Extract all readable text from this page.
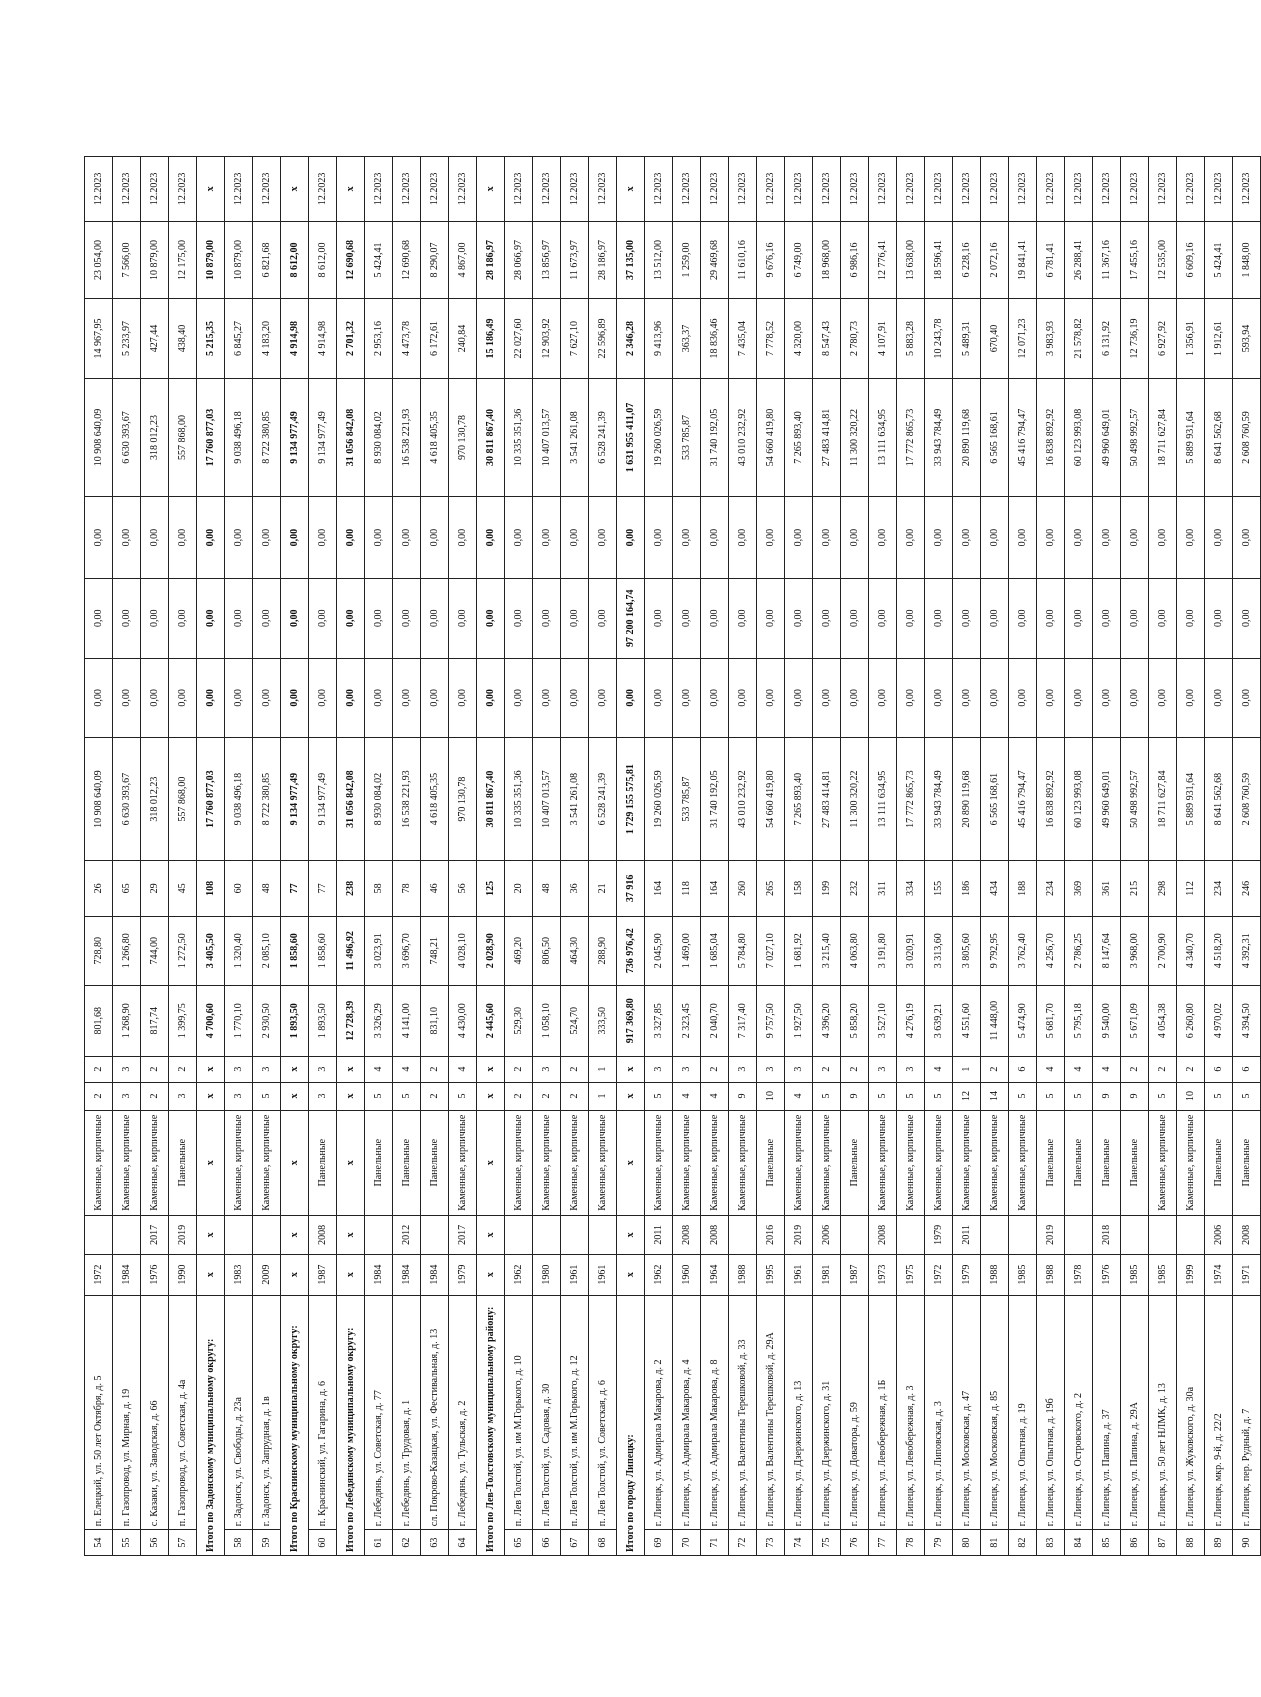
54	п. Елецкий, ул. 50 лет Октября, д. 5	1972		Каменные, кирпичные	2	2	801,68	728,80	26	10 908 640,09	0,00	0,00	0,00	10 908 640,09	14 967,95	23 054,00	12.2023
55	п. Газопровод, ул. Мирная, д. 19	1984		Каменные, кирпичные	3	3	1 268,90	1 266,80	65	6 630 393,67	0,00	0,00	0,00	6 630 393,67	5 233,97	7 566,00	12.2023
56	с. Казаки, ул. Заводская, д. 66	1976	2017	Каменные, кирпичные	2	2	817,74	744,00	29	318 012,23	0,00	0,00	0,00	318 012,23	427,44	10 879,00	12.2023
57	п. Газопровод, ул. Советская, д. 4а	1990	2019	Панельные	3	2	1 399,75	1 272,50	45	557 868,00	0,00	0,00	0,00	557 868,00	438,40	12 175,00	12.2023
Итого по Задонскому муниципальному округу:		х	х	х	х	х	4 700,60	3 405,50	108	17 760 877,03	0,00	0,00	0,00	17 760 877,03	5 215,35	10 879,00	х
58	г. Задонск, ул. Свободы, д. 23а	1983		Каменные, кирпичные	3	3	1 770,10	1 320,40	60	9 038 496,18	0,00	0,00	0,00	9 038 496,18	6 845,27	10 879,00	12.2023
59	г. Задонск, ул. Запрудная, д. 1в	2009		Каменные, кирпичные	5	3	2 930,50	2 085,10	48	8 722 380,85	0,00	0,00	0,00	8 722 380,85	4 183,20	6 821,68	12.2023
Итого по Краснинскому муниципальному округу:		х	х	х	х	х	1 893,50	1 858,60	77	9 134 977,49	0,00	0,00	0,00	9 134 977,49	4 914,98	8 612,00	х
60	п. Краснинский, ул. Гагарина, д. 6	1987	2008	Панельные	3	3	1 893,50	1 858,60	77	9 134 977,49	0,00	0,00	0,00	9 134 977,49	4 914,98	8 612,00	12.2023
Итого по Лебедянскому муниципальному округу:		х	х	х	х	х	12 728,39	11 496,92	238	31 056 842,08	0,00	0,00	0,00	31 056 842,08	2 701,32	12 690,68	х
61	г. Лебедянь, ул. Советская, д. 77	1984		Панельные	5	4	3 326,29	3 023,91	58	8 930 084,02	0,00	0,00	0,00	8 930 084,02	2 953,16	5 424,41	12.2023
62	г. Лебедянь, ул. Трудовая, д. 1	1984	2012	Панельные	5	4	4 141,00	3 696,70	78	16 538 221,93	0,00	0,00	0,00	16 538 221,93	4 473,78	12 690,68	12.2023
63	сл. Покрово-Казацкая, ул. Фестивальная, д. 13	1984		Панельные	2	2	831,10	748,21	46	4 618 405,35	0,00	0,00	0,00	4 618 405,35	6 172,61	8 290,07	12.2023
64	г. Лебедянь, ул. Тульская, д. 2	1979	2017	Каменные, кирпичные	5	4	4 430,00	4 028,10	56	970 130,78	0,00	0,00	0,00	970 130,78	240,84	4 867,00	12.2023
Итого по Лев-Толстовскому муниципальному району:		х	х	х	х	х	2 445,60	2 028,90	125	30 811 867,40	0,00	0,00	0,00	30 811 867,40	15 186,49	28 186,97	х
65	п. Лев Толстой, ул. им М.Горького, д. 10	1962		Каменные, кирпичные	2	2	529,30	469,20	20	10 335 351,36	0,00	0,00	0,00	10 335 351,36	22 027,60	28 066,97	12.2023
66	п. Лев Толстой, ул. Садовая, д. 30	1980		Каменные, кирпичные	2	3	1 058,10	806,50	48	10 407 013,57	0,00	0,00	0,00	10 407 013,57	12 903,92	13 856,97	12.2023
67	п. Лев Толстой, ул. им М.Горького, д. 12	1961		Каменные, кирпичные	2	2	524,70	464,30	36	3 541 261,08	0,00	0,00	0,00	3 541 261,08	7 627,10	11 673,97	12.2023
68	п. Лев Толстой, ул. Советская, д. 6	1961		Каменные, кирпичные	1	1	333,50	288,90	21	6 528 241,39	0,00	0,00	0,00	6 528 241,39	22 596,89	28 186,97	12.2023
Итого по городу Липецку:		х	х	х	х	х	917 369,80	736 976,42	37 916	1 729 155 575,81	0,00	97 200 164,74	0,00	1 631 955 411,07	2 346,28	37 135,00	х
69	г. Липецк, ул. Адмирала Макарова, д. 2	1962	2011	Каменные, кирпичные	5	3	3 327,85	2 045,90	164	19 260 026,59	0,00	0,00	0,00	19 260 026,59	9 413,96	13 512,00	12.2023
70	г. Липецк, ул. Адмирала Макарова, д. 4	1960	2008	Каменные, кирпичные	4	3	2 323,45	1 469,00	118	533 785,87	0,00	0,00	0,00	533 785,87	363,37	1 259,00	12.2023
71	г. Липецк, ул. Адмирала Макарова, д. 8	1964	2008	Каменные, кирпичные	4	2	2 040,70	1 685,04	164	31 740 192,05	0,00	0,00	0,00	31 740 192,05	18 836,46	29 469,68	12.2023
72	г. Липецк, ул. Валентины Терешковой, д. 33	1988		Каменные, кирпичные	9	3	7 317,40	5 784,80	260	43 010 232,92	0,00	0,00	0,00	43 010 232,92	7 435,04	11 610,16	12.2023
73	г. Липецк, ул. Валентины Терешковой, д. 29А	1995	2016	Панельные	10	3	9 757,50	7 027,10	265	54 660 419,80	0,00	0,00	0,00	54 660 419,80	7 778,52	9 676,16	12.2023
74	г. Липецк, ул. Дзержинского, д. 13	1961	2019	Каменные, кирпичные	4	3	1 927,50	1 681,92	158	7 265 893,40	0,00	0,00	0,00	7 265 893,40	4 320,00	6 749,00	12.2023
75	г. Липецк, ул. Дзержинского, д. 31	1981	2006	Каменные, кирпичные	5	2	4 396,20	3 215,40	199	27 483 414,81	0,00	0,00	0,00	27 483 414,81	8 547,43	18 968,00	12.2023
76	г. Липецк, ул. Доватора, д. 59	1987		Панельные	9	2	5 858,20	4 063,80	232	11 300 320,22	0,00	0,00	0,00	11 300 320,22	2 780,73	6 986,16	12.2023
77	г. Липецк, ул. Левобережная, д. 1Б	1973	2008	Каменные, кирпичные	5	3	3 527,10	3 191,80	311	13 111 634,95	0,00	0,00	0,00	13 111 634,95	4 107,91	12 776,41	12.2023
78	г. Липецк, ул. Левобережная, д. 3	1975		Каменные, кирпичные	5	3	4 276,19	3 020,91	334	17 772 865,73	0,00	0,00	0,00	17 772 865,73	5 883,28	13 638,00	12.2023
79	г. Липецк, ул. Липовская, д. 3	1972	1979	Каменные, кирпичные	5	4	3 639,21	3 313,60	155	33 943 784,49	0,00	0,00	0,00	33 943 784,49	10 243,78	18 596,41	12.2023
80	г. Липецк, ул. Московская, д. 47	1979	2011	Каменные, кирпичные	12	1	4 551,60	3 805,60	186	20 890 119,68	0,00	0,00	0,00	20 890 119,68	5 489,31	6 228,16	12.2023
81	г. Липецк, ул. Московская, д. 85	1988		Каменные, кирпичные	14	2	11 448,00	9 792,95	434	6 565 168,61	0,00	0,00	0,00	6 565 168,61	670,40	2 072,16	12.2023
82	г. Липецк, ул. Опытная, д. 19	1985		Каменные, кирпичные	5	6	5 474,90	3 762,40	188	45 416 794,47	0,00	0,00	0,00	45 416 794,47	12 071,23	19 841,41	12.2023
83	г. Липецк, ул. Опытная, д. 19б	1988	2019	Панельные	5	4	5 681,70	4 256,70	234	16 838 892,92	0,00	0,00	0,00	16 838 892,92	3 983,93	6 781,41	12.2023
84	г. Липецк, ул. Островского, д. 2	1978		Панельные	5	4	5 795,18	2 786,25	369	60 123 993,08	0,00	0,00	0,00	60 123 993,08	21 578,82	26 288,41	12.2023
85	г. Липецк, ул. Папина, д. 37	1976	2018	Панельные	9	4	9 540,00	8 147,64	361	49 960 649,01	0,00	0,00	0,00	49 960 649,01	6 131,92	11 367,16	12.2023
86	г. Липецк, ул. Папина, д. 29А	1985		Панельные	9	2	5 671,09	3 968,00	215	50 498 992,57	0,00	0,00	0,00	50 498 992,57	12 736,19	17 455,16	12.2023
87	г. Липецк, ул. 50 лет НЛМК, д. 13	1985		Каменные, кирпичные	5	2	4 054,38	2 700,90	298	18 711 627,84	0,00	0,00	0,00	18 711 627,84	6 927,92	12 535,00	12.2023
88	г. Липецк, ул. Жуковского, д. 30а	1999		Каменные, кирпичные	10	2	6 260,80	4 340,70	112	5 889 931,64	0,00	0,00	0,00	5 889 931,64	1 356,91	6 609,16	12.2023
89	г. Липецк, мкр. 9-й, д. 22/2	1974	2006	Панельные	5	6	4 970,02	4 518,20	234	8 641 562,68	0,00	0,00	0,00	8 641 562,68	1 912,61	5 424,41	12.2023
90	г. Липецк, пер. Рудный, д. 7	1971	2008	Панельные	5	6	4 394,50	4 392,31	246	2 608 760,59	0,00	0,00	0,00	2 608 760,59	593,94	1 848,00	12.2023
